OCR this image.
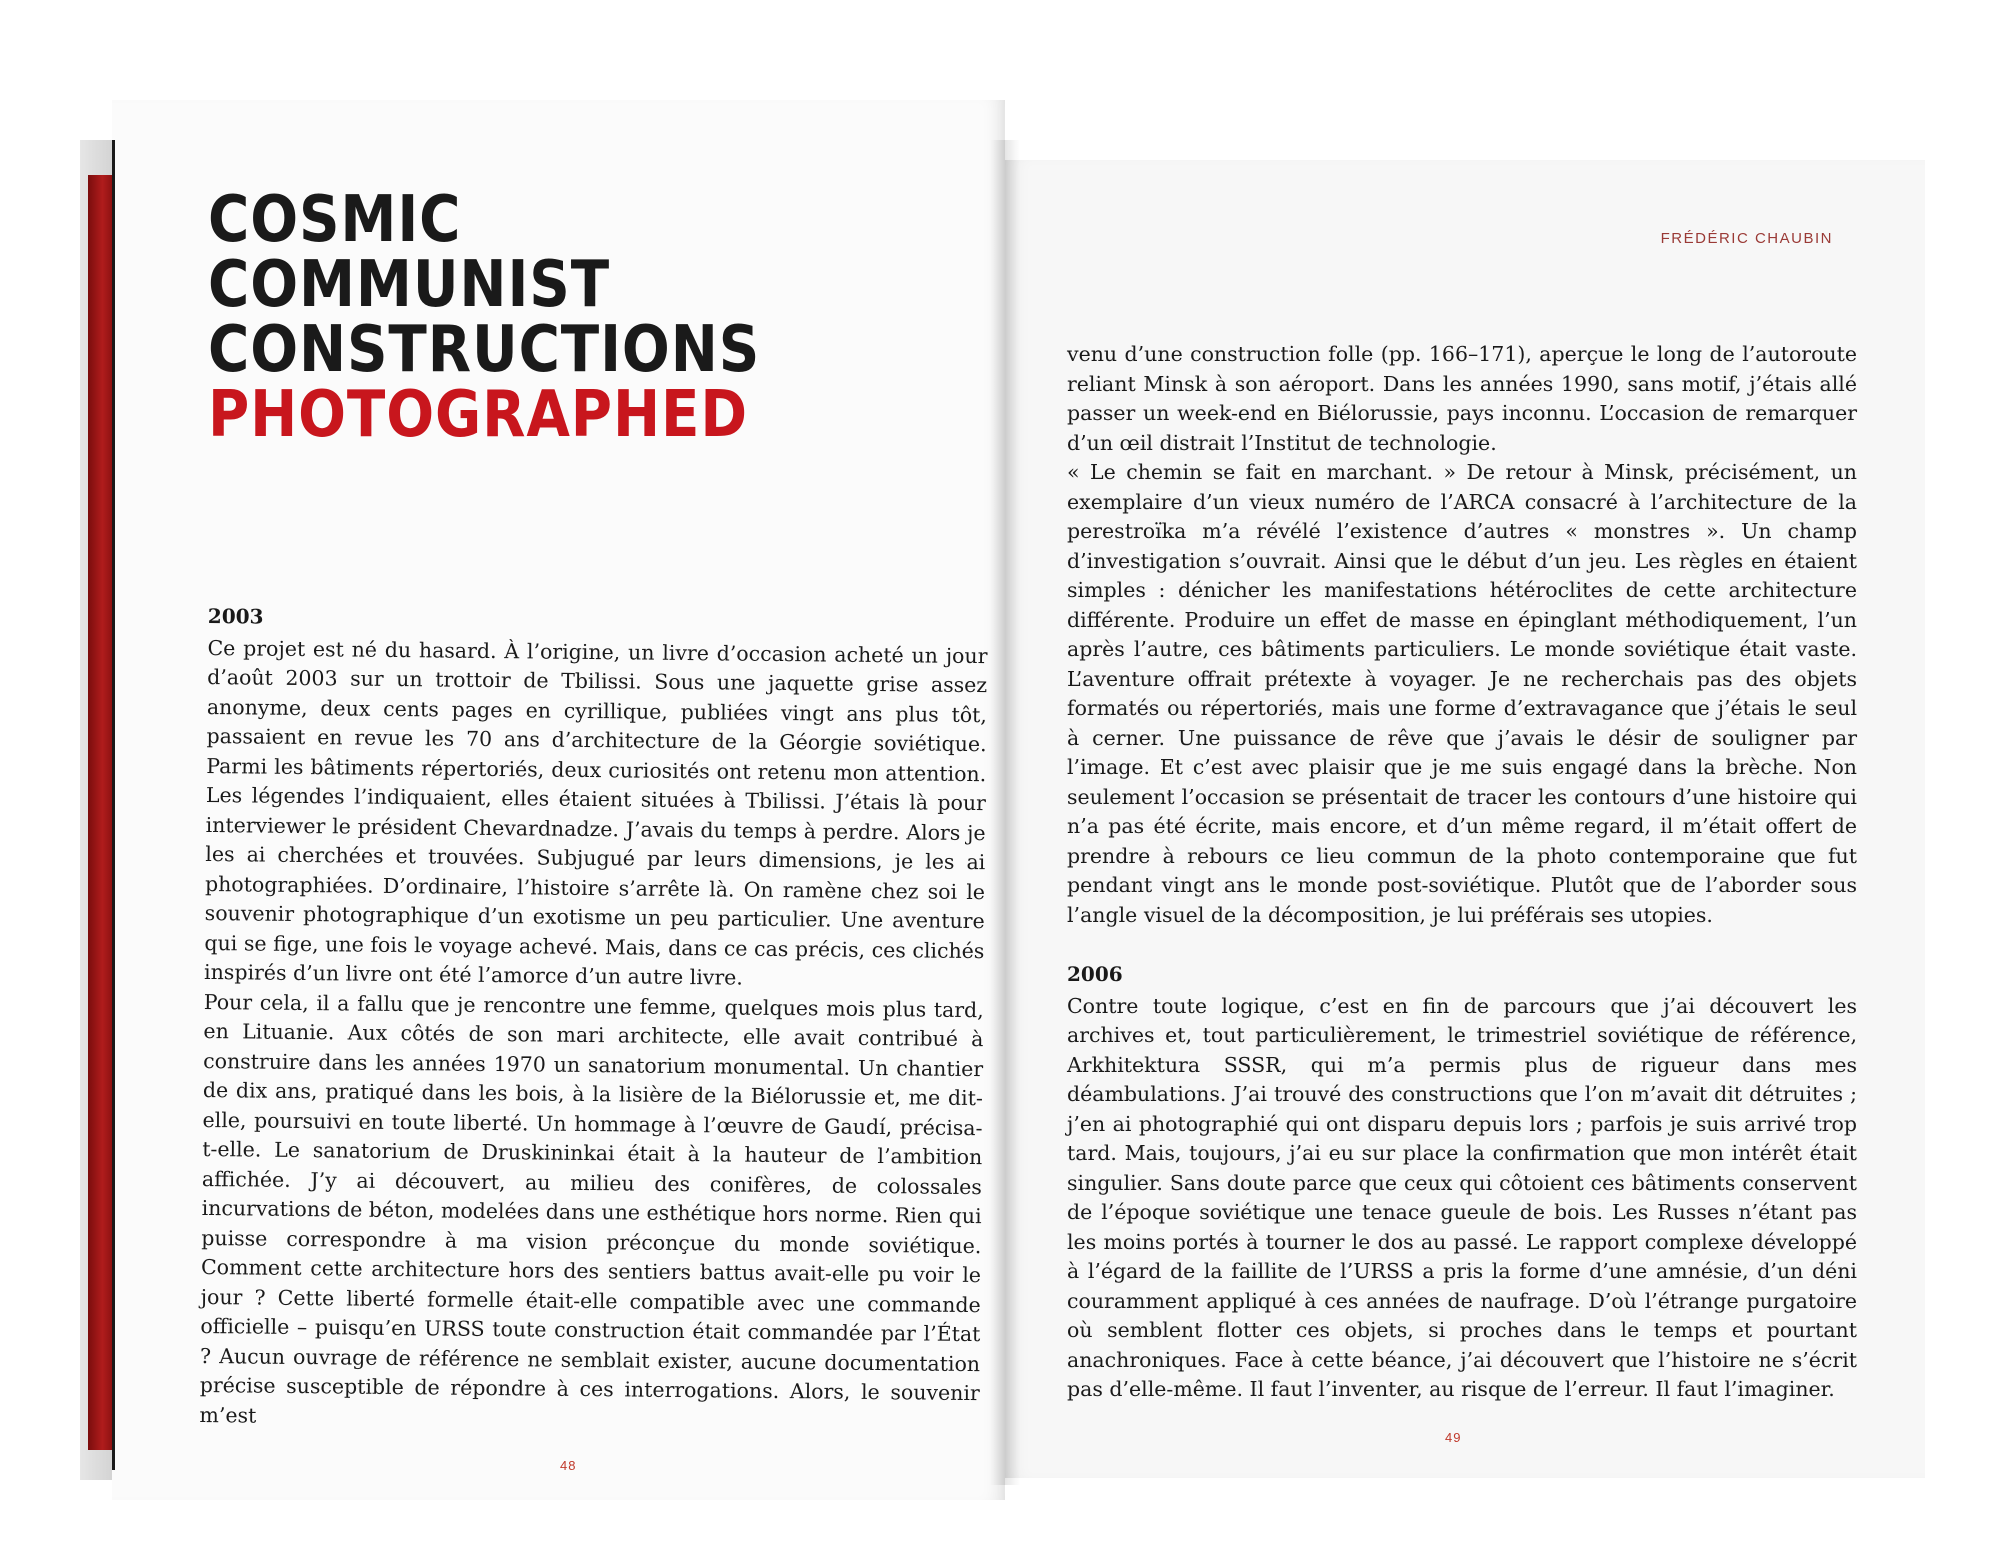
COSMIC
COMMUNIST
CONSTRUCTIONS
PHOTOGRAPHED
2003

Ce projet est né du hasard. À l’origine, un livre d’occasion acheté un jour d’août 2003 sur un trottoir de Tbilissi. Sous une jaquette grise assez anonyme, deux cents pages en cyrillique, publiées vingt ans plus tôt, passaient en revue les 70 ans d’architecture de la Géorgie soviétique. Parmi les bâtiments répertoriés, deux curiosités ont retenu mon attention. Les légendes l’indiquaient, elles étaient situées à Tbilissi. J’étais là pour interviewer le président Chevardnadze. J’avais du temps à perdre. Alors je les ai cherchées et trouvées. Subjugué par leurs dimensions, je les ai photographiées. D’ordinaire, l’histoire s’arrête là. On ramène chez soi le souvenir photographique d’un exotisme un peu particulier. Une aventure qui se fige, une fois le voyage achevé. Mais, dans ce cas précis, ces clichés inspirés d’un livre ont été l’amorce d’un autre livre.

Pour cela, il a fallu que je rencontre une femme, quelques mois plus tard, en Lituanie. Aux côtés de son mari architecte, elle avait contribué à construire dans les années 1970 un sanatorium monumental. Un chantier de dix ans, pratiqué dans les bois, à la lisière de la Biélorussie et, me dit-elle, poursuivi en toute liberté. Un hommage à l’œuvre de Gaudí, précisa-t-elle. Le sanatorium de Druskininkai était à la hauteur de l’ambition affichée. J’y ai découvert, au milieu des conifères, de colossales incurvations de béton, modelées dans une esthétique hors norme. Rien qui puisse correspondre à ma vision préconçue du monde soviétique. Comment cette architecture hors des sentiers battus avait-elle pu voir le jour ? Cette liberté formelle était-elle compatible avec une commande officielle – puisqu’en URSS toute construction était commandée par l’État ? Aucun ouvrage de référence ne semblait exister, aucune documentation précise susceptible de répondre à ces interrogations. Alors, le souvenir m’est

48
FRÉDÉRIC CHAUBIN

venu d’une construction folle (pp. 166–171), aperçue le long de l’autoroute reliant Minsk à son aéroport. Dans les années 1990, sans motif, j’étais allé passer un week-end en Biélorussie, pays inconnu. L’occasion de remarquer d’un œil distrait l’Institut de technologie.

« Le chemin se fait en marchant. » De retour à Minsk, précisément, un exemplaire d’un vieux numéro de l’ARCA consacré à l’architecture de la perestroïka m’a révélé l’existence d’autres « monstres ». Un champ d’investigation s’ouvrait. Ainsi que le début d’un jeu. Les règles en étaient simples : dénicher les manifestations hétéroclites de cette architecture différente. Produire un effet de masse en épinglant méthodiquement, l’un après l’autre, ces bâtiments particuliers. Le monde soviétique était vaste. L’aventure offrait prétexte à voyager. Je ne recherchais pas des objets formatés ou répertoriés, mais une forme d’extravagance que j’étais le seul à cerner. Une puissance de rêve que j’avais le désir de souligner par l’image. Et c’est avec plaisir que je me suis engagé dans la brèche. Non seulement l’occasion se présentait de tracer les contours d’une histoire qui n’a pas été écrite, mais encore, et d’un même regard, il m’était offert de prendre à rebours ce lieu commun de la photo contemporaine que fut pendant vingt ans le monde post-soviétique. Plutôt que de l’aborder sous l’angle visuel de la décomposition, je lui préférais ses utopies.

2006

Contre toute logique, c’est en fin de parcours que j’ai découvert les archives et, tout particulièrement, le trimestriel soviétique de référence, Arkhitektura SSSR, qui m’a permis plus de rigueur dans mes déambulations. J’ai trouvé des constructions que l’on m’avait dit détruites ; j’en ai photographié qui ont disparu depuis lors ; parfois je suis arrivé trop tard. Mais, toujours, j’ai eu sur place la confirmation que mon intérêt était singulier. Sans doute parce que ceux qui côtoient ces bâtiments conservent de l’époque soviétique une tenace gueule de bois. Les Russes n’étant pas les moins portés à tourner le dos au passé. Le rapport complexe développé à l’égard de la faillite de l’URSS a pris la forme d’une amnésie, d’un déni couramment appliqué à ces années de naufrage. D’où l’étrange purgatoire où semblent flotter ces objets, si proches dans le temps et pourtant anachroniques. Face à cette béance, j’ai découvert que l’histoire ne s’écrit pas d’elle-même. Il faut l’inventer, au risque de l’erreur. Il faut l’imaginer.

49
